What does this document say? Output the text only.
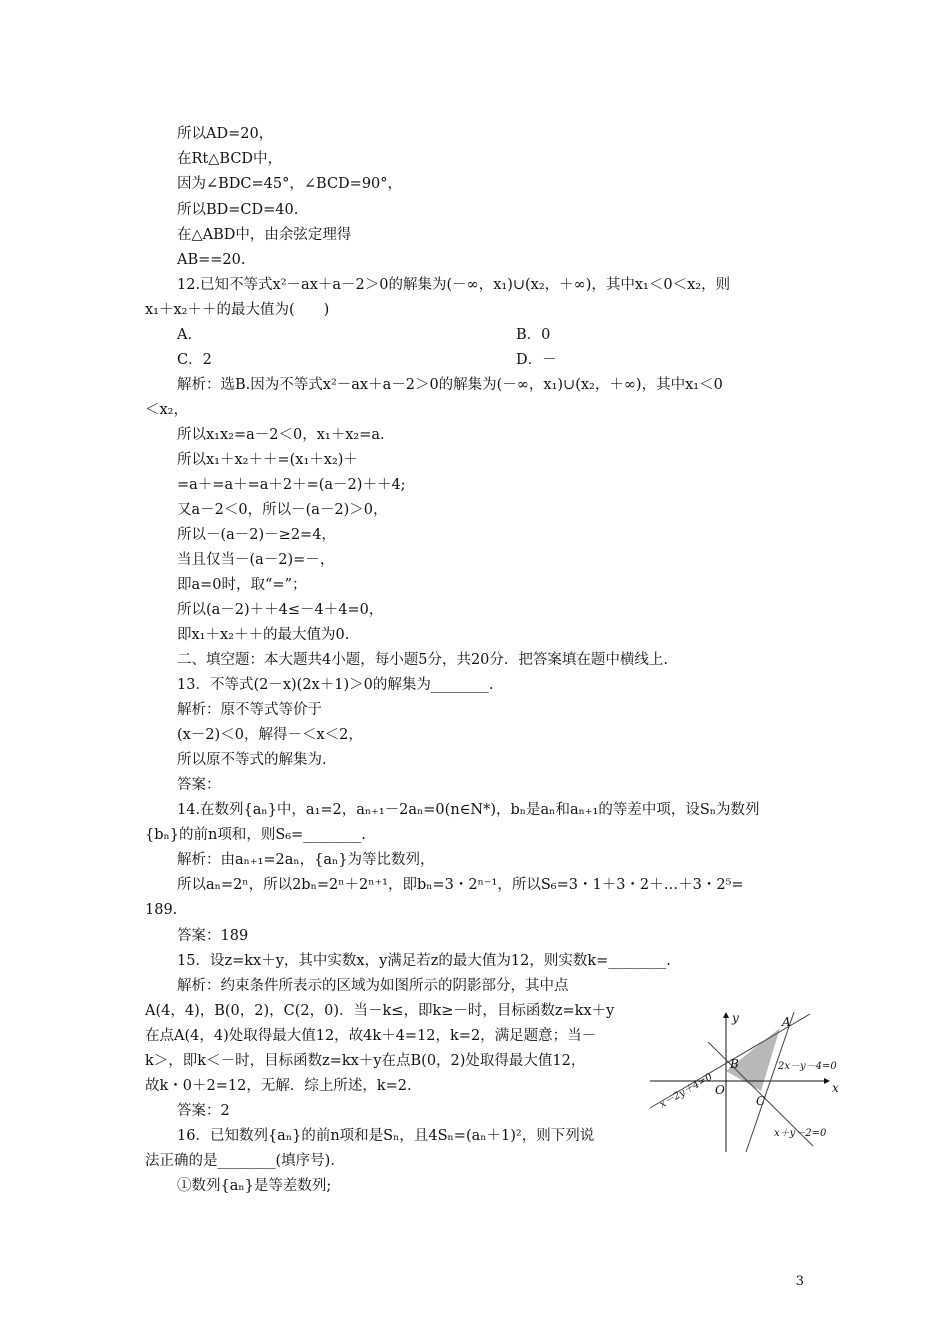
所以AD=20，
在Rt△BCD中，
因为∠BDC=45°，∠BCD=90°，
所以BD=CD=40.
在△ABD中，由余弦定理得
AB==20.
12.已知不等式x²－ax＋a－2＞0的解集为(－∞，x₁)∪(x₂，＋∞)，其中x₁＜0＜x₂，则
x₁＋x₂＋＋的最大值为(　　)
A.	B．0
C．2	D．－
解析：选B.因为不等式x²－ax＋a－2＞0的解集为(－∞，x₁)∪(x₂，＋∞)，其中x₁＜0
＜x₂，
所以x₁x₂=a－2＜0，x₁＋x₂=a.
所以x₁＋x₂＋＋=(x₁＋x₂)＋
=a＋=a＋=a＋2＋=(a－2)＋＋4;
又a－2＜0，所以－(a－2)＞0，
所以－(a－2)－≥2=4，
当且仅当－(a－2)=－，
即a=0时，取“=”；
所以(a－2)＋＋4≤－4＋4=0，
即x₁＋x₂＋＋的最大值为0.
二、填空题：本大题共4小题，每小题5分，共20分．把答案填在题中横线上.
13．不等式(2－x)(2x＋1)＞0的解集为________.
解析：原不等式等价于
(x－2)＜0，解得－＜x＜2，
所以原不等式的解集为.
答案：
14.在数列{aₙ}中，a₁=2，aₙ₊₁－2aₙ=0(n∈N*)，bₙ是aₙ和aₙ₊₁的等差中项，设Sₙ为数列
{bₙ}的前n项和，则S₆=________.
解析：由aₙ₊₁=2aₙ，{aₙ}为等比数列，
所以aₙ=2ⁿ，所以2bₙ=2ⁿ＋2ⁿ⁺¹，即bₙ=3・2ⁿ⁻¹，所以S₆=3・1＋3・2＋…＋3・2⁵=
189.
答案：189
15．设z=kx＋y，其中实数x，y满足若z的最大值为12，则实数k=________.
解析：约束条件所表示的区域为如图所示的阴影部分，其中点
A(4，4)，B(0，2)，C(2，0)．当－k≤，即k≥－时，目标函数z=kx＋y
在点A(4，4)处取得最大值12，故4k＋4=12，k=2，满足题意；当－
k＞，即k＜－时，目标函数z=kx＋y在点B(0，2)处取得最大值12，
故k・0＋2=12，无解．综上所述，k=2.
答案：2
16．已知数列{aₙ}的前n项和是Sₙ，且4Sₙ=(aₙ＋1)²，则下列说
法正确的是________(填序号).
①数列{aₙ}是等差数列;
y
x
O
A
B
C
x－2y＋4=0
2x－y－4=0
x＋y－2=0
3
